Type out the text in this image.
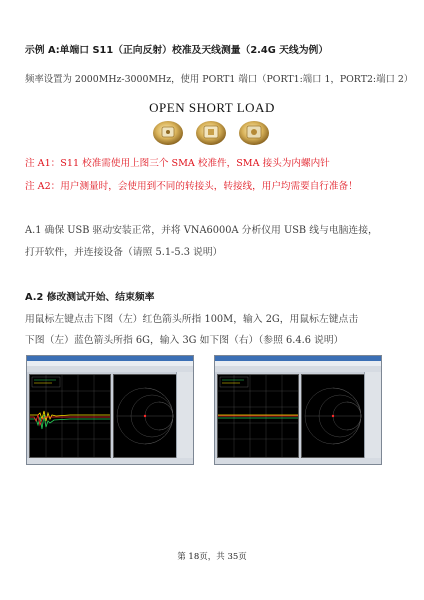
示例 A:单端口 S11（正向反射）校准及天线测量（2.4G 天线为例）
频率设置为 2000MHz-3000MHz，使用 PORT1 端口（PORT1:端口 1，PORT2:端口 2）
OPEN SHORT LOAD
注 A1：S11 校准需使用上图三个 SMA 校准件，SMA 接头为内螺内针
注 A2：用户测量时，会使用到不同的转接头，转接线，用户均需要自行准备！
A.1 确保 USB 驱动安装正常，并将 VNA6000A 分析仪用 USB 线与电脑连接，
打开软件，并连接设备（请照 5.1-5.3 说明）
A.2 修改测试开始、结束频率
用鼠标左键点击下图（左）红色箭头所指 100M，输入 2G，用鼠标左键点击
下图（左）蓝色箭头所指 6G，输入 3G 如下图（右）（参照 6.4.6 说明）
第 18页，共 35页
